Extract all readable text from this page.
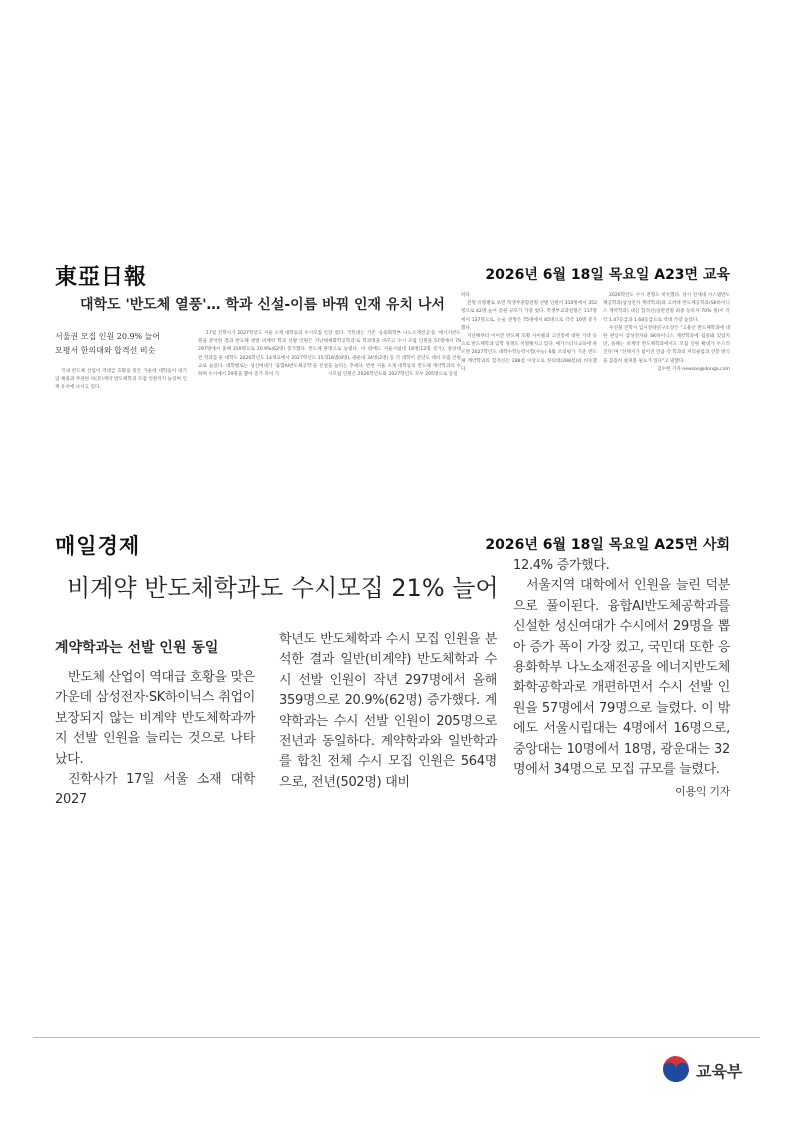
東亞日報	2026년 6월 18일 목요일 A23면 교육
대학도 '반도체 열풍'… 학과 신설-이름 바꿔 인재 유치 나서
서울권 모집 인원 20.9% 늘어
모평서 한의대와 합격선 비슷
국내 반도체 산업이 역대급 호황을 맞은 가운데 대학들이 대기업 채용과 무관한 비(非)계약 반도체학과 모집 인원까지 늘리며 인재 유치에 나서고 있다.
17일 진학사가 2027학년도 서울 소재 대학들의 수시모집 인원을 분석한 결과 반도체 관련 비계약 학과 선발 인원은 지난해 297명에서 올해 359명으로 20.9%(62명) 증가했다. 반도체 관련 학과를 둔 대학도 2026학년도 14개교에서 2027학년도 15개교로 늘었다. 대학별로는 성신여대가 '융합AI반도체공학'을 신설하며 수시에서 29명을 뽑아 증가 폭이 가
장 컸다. 국민대는 기존 '응용화학부 나노소재전공'을 '에너지반도체화학공학과'로 학과명을 바꾸고 수시 모집 인원을 57명에서 79명으로 늘렸다. 이 밖에도 서울시립대 16명(12명 증가), 중앙대 18명(8명), 광운대 34명(2명) 등 각 대학이 전년도 대비 모집 인원을 늘리는 추세다. 반면 서울 소재 대학들의 반도체 계약학과의 수시모집 인원은 2026학년도와 2027학년도 모두 205명으로 동일
하다.
전형 유형별로 보면 학생부종합전형 선발 인원이 310명에서 352명으로 42명 늘어 증원 규모가 가장 컸다. 학생부교과전형은 117명에서 137명으로, 논술 전형은 75명에서 85명으로 각각 10명 증가했다.
지난해부터 이어진 반도체 호황 사이클과 고연봉에 대한 기대 등으로 반도체학과 입학 경쟁도 치열해지고 있다. 메가스터디교육에 따르면 2027학년도 대학수학능력시험(수능) 6월 모의평가 기준 반도체 계약학과의 합격선은 288점 이상으로 한의대(288점)와 비슷했다.
2026학년도 수시 전형도 비슷했다. 당시 연세대 시스템반도체공학과(삼성전자 계약학과)와 고려대 반도체공학과(SK하이닉스 계약학과) 내신 합격선(일반전형 최종 등록자 70% 컷)이 각각 1.47등급과 1.68등급으로 역대 가장 높았다.
우연철 진학사 입시전략연구소장은 "고용안 반도체학과에 대한 관심이 삼성전자와 SK하이닉스 계약학과에 집중돼 있었지만, 올해는 비계약 반도체학과에서도 모집 인원 확대가 두드러진다"며 "선택지가 넓어진 만큼 각 학과의 커리큘럼과 연봉 방식을 꼼꼼히 살펴볼 필요가 있다"고 말했다.
김수현 기자 newsoo@donga.com
매일경제	2026년 6월 18일 목요일 A25면 사회
비계약 반도체학과도 수시모집 21% 늘어
계약학과는 선발 인원 동일
반도체 산업이 역대급 호황을 맞은 가운데 삼성전자·SK하이닉스 취업이 보장되지 않는 비계약 반도체학과까지 선발 인원을 늘리는 것으로 나타났다.
진학사가 17일 서울 소재 대학 2027
학년도 반도체학과 수시 모집 인원을 분석한 결과 일반(비계약) 반도체학과 수시 선발 인원이 작년 297명에서 올해 359명으로 20.9%(62명) 증가했다. 계약학과는 수시 선발 인원이 205명으로 전년과 동일하다. 계약학과와 일반학과를 합친 전체 수시 모집 인원은 564명으로, 전년(502명) 대비
12.4% 증가했다.
서울지역 대학에서 인원을 늘린 덕분으로 풀이된다. 융합AI반도체공학과를 신설한 성신여대가 수시에서 29명을 뽑아 증가 폭이 가장 컸고, 국민대 또한 응용화학부 나노소재전공을 에너지반도체화학공학과로 개편하면서 수시 선발 인원을 57명에서 79명으로 늘렸다. 이 밖에도 서울시립대는 4명에서 16명으로, 중앙대는 10명에서 18명, 광운대는 32명에서 34명으로 모집 규모를 늘렸다.
이용익 기자
교육부
